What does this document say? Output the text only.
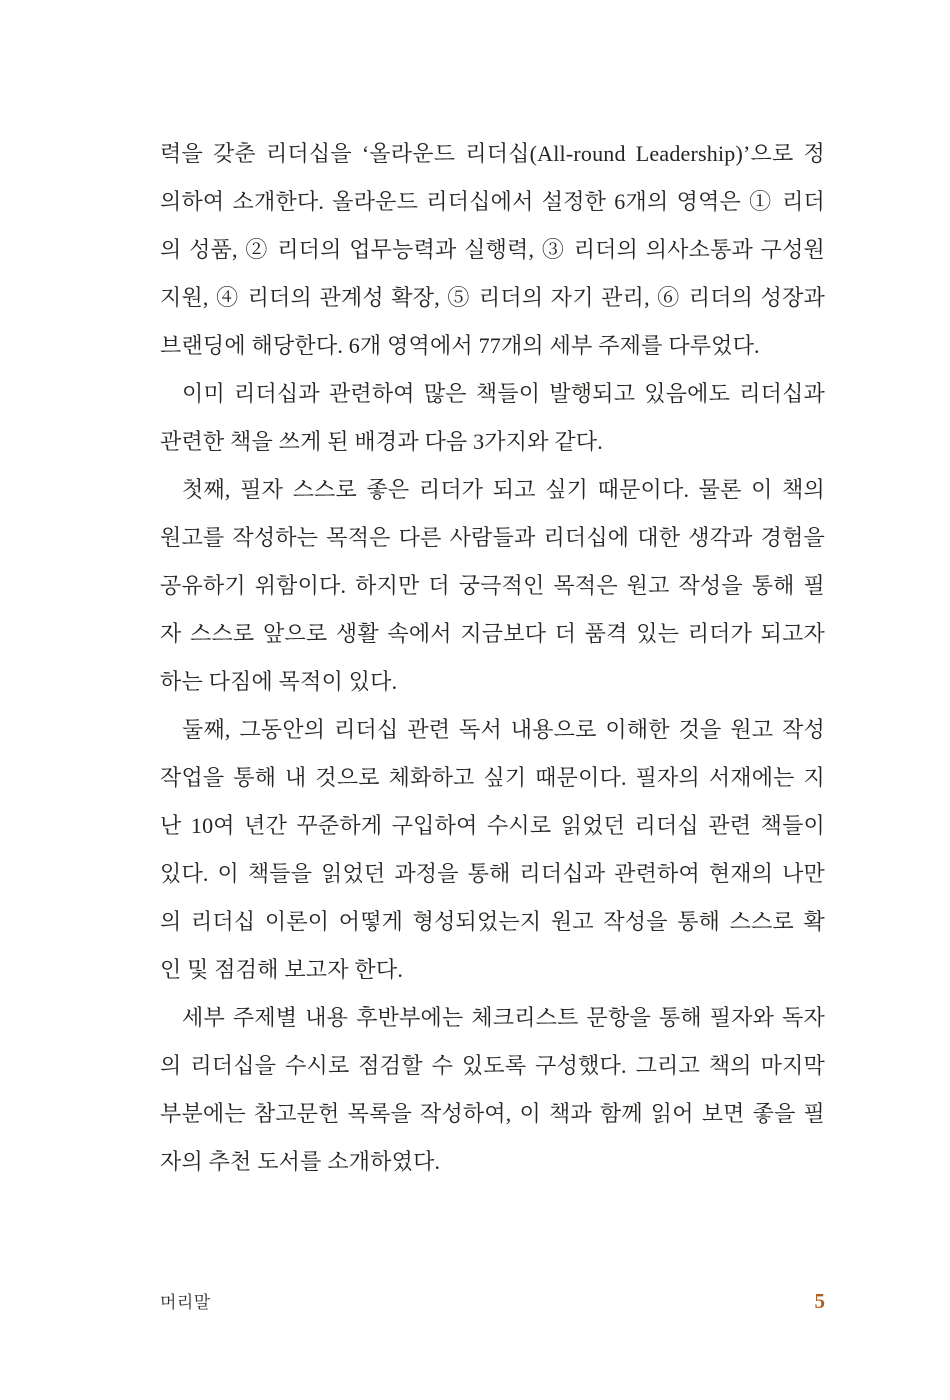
력을 갖춘 리더십을 ‘올라운드 리더십(All-round Leadership)’으로 정
의하여 소개한다. 올라운드 리더십에서 설정한 6개의 영역은 ① 리더
의 성품, ② 리더의 업무능력과 실행력, ③ 리더의 의사소통과 구성원
지원, ④ 리더의 관계성 확장, ⑤ 리더의 자기 관리, ⑥ 리더의 성장과
브랜딩에 해당한다. 6개 영역에서 77개의 세부 주제를 다루었다.
이미 리더십과 관련하여 많은 책들이 발행되고 있음에도 리더십과
관련한 책을 쓰게 된 배경과 다음 3가지와 같다.
첫째, 필자 스스로 좋은 리더가 되고 싶기 때문이다. 물론 이 책의
원고를 작성하는 목적은 다른 사람들과 리더십에 대한 생각과 경험을
공유하기 위함이다. 하지만 더 궁극적인 목적은 원고 작성을 통해 필
자 스스로 앞으로 생활 속에서 지금보다 더 품격 있는 리더가 되고자
하는 다짐에 목적이 있다.
둘째, 그동안의 리더십 관련 독서 내용으로 이해한 것을 원고 작성
작업을 통해 내 것으로 체화하고 싶기 때문이다. 필자의 서재에는 지
난 10여 년간 꾸준하게 구입하여 수시로 읽었던 리더십 관련 책들이
있다. 이 책들을 읽었던 과정을 통해 리더십과 관련하여 현재의 나만
의 리더십 이론이 어떻게 형성되었는지 원고 작성을 통해 스스로 확
인 및 점검해 보고자 한다.
세부 주제별 내용 후반부에는 체크리스트 문항을 통해 필자와 독자
의 리더십을 수시로 점검할 수 있도록 구성했다. 그리고 책의 마지막
부분에는 참고문헌 목록을 작성하여, 이 책과 함께 읽어 보면 좋을 필
자의 추천 도서를 소개하였다.
머리말	5
